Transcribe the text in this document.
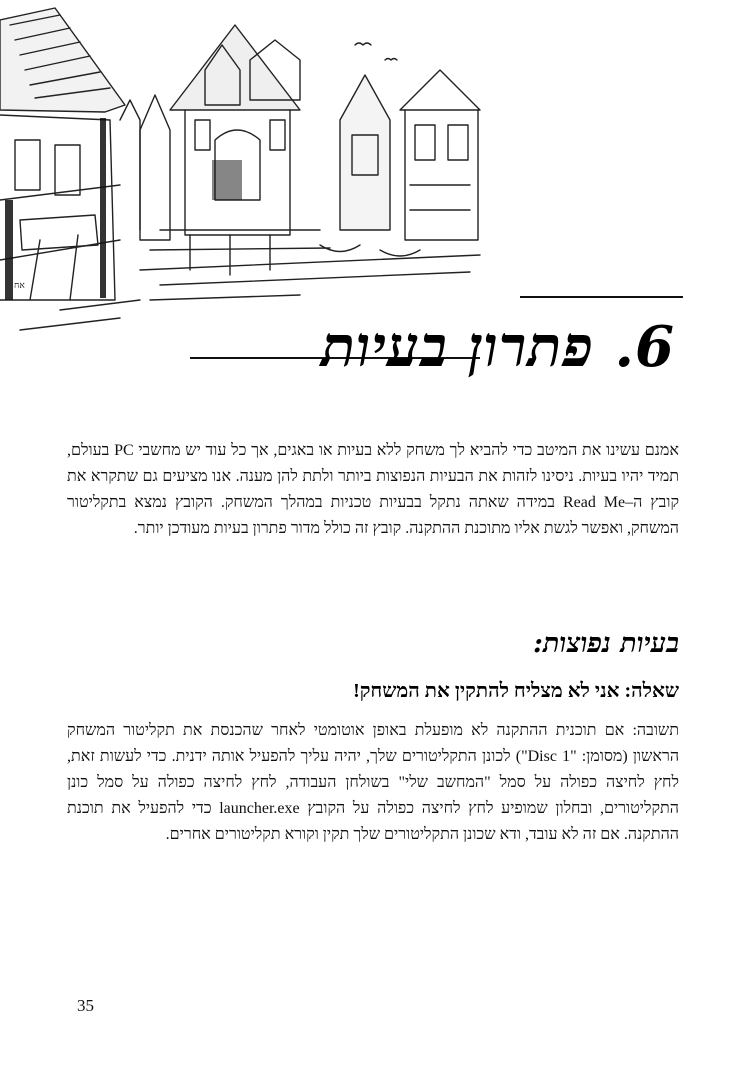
אח
6. פתרון בעיות
אמנם עשינו את המיטב כדי להביא לך משחק ללא בעיות או באגים, אך כל עוד יש מחשבי PC בעולם, תמיד יהיו בעיות. ניסינו לזהות את הבעיות הנפוצות ביותר ולתת להן מענה. אנו מציעים גם שתקרא את קובץ ה–Read Me במידה שאתה נתקל בבעיות טכניות במהלך המשחק. הקובץ נמצא בתקליטור המשחק, ואפשר לגשת אליו מתוכנת ההתקנה. קובץ זה כולל מדור פתרון בעיות מעודכן יותר.
בעיות נפוצות:
שאלה: אני לא מצליח להתקין את המשחק!
תשובה: אם תוכנית ההתקנה לא מופעלת באופן אוטומטי לאחר שהכנסת את תקליטור המשחק הראשון (מסומן: "Disc 1") לכונן התקליטורים שלך, יהיה עליך להפעיל אותה ידנית. כדי לעשות זאת, לחץ לחיצה כפולה על סמל "המחשב שלי" בשולחן העבודה, לחץ לחיצה כפולה על סמל כונן התקליטורים, ובחלון שמופיע לחץ לחיצה כפולה על הקובץ launcher.exe כדי להפעיל את תוכנת ההתקנה. אם זה לא עובד, ודא שכונן התקליטורים שלך תקין וקורא תקליטורים אחרים.
35
